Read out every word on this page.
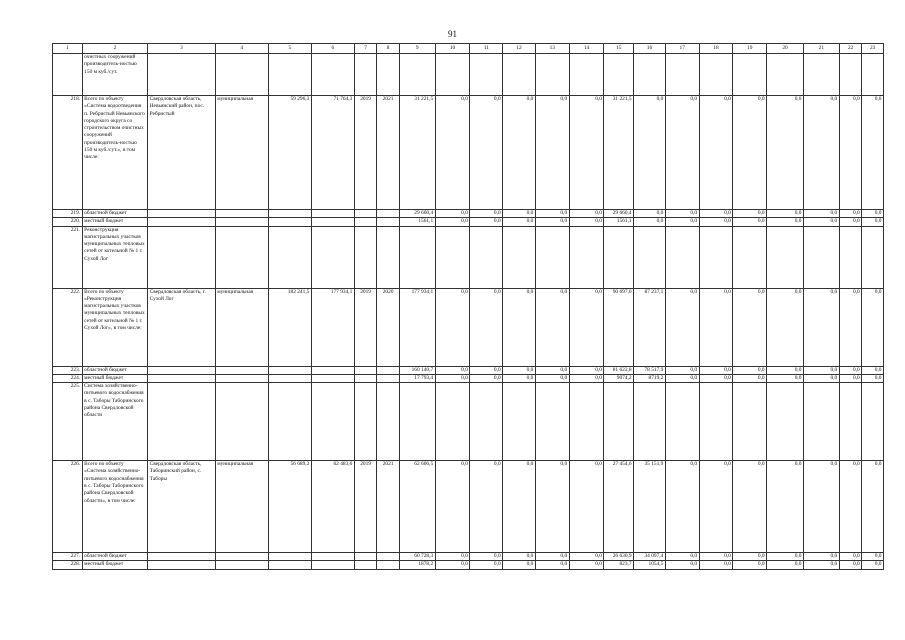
91
1	2	3	4	5	6	7	8	9	10	11	12	13	14	15	16	17	18	19	20	21	22	23
	очистных сооружений производитель-ностью 150 м куб./сут.																					
218.	Всего по объекту «Система водоотведения п. Ребристый Невьянского городского округа со строительством очистных сооружений производитель-ностью 150 м куб./сут.», в том числе:	Свердловская область, Невьянский район, пос. Ребристый	муниципальная	59 296,3	71 764,3	2019	2021	31 221,5	0,0	0,0	0,0	0,0	0,0	31 221,5	0,0	0,0	0,0	0,0	0,0	0,0	0,0	0,0
219.	областной бюджет							29 660,4	0,0	0,0	0,0	0,0	0,0	29 660,4	0,0	0,0	0,0	0,0	0,0	0,0	0,0	0,0
220.	местный бюджет							1561,1	0,0	0,0	0,0	0,0	0,0	1561,1	0,0	0,0	0,0	0,0	0,0	0,0	0,0	0,0
221.	Реконструкция магистральных участков муниципальных тепловых сетей от котельной № 1 г. Сухой Лог																					
222.	Всего по объекту «Реконструкция магистральных участков муниципальных тепловых сетей от котельной № 1 г. Сухой Лог», в том числе:	Свердловская область, г. Сухой Лог	муниципальная	182 241,5	177 934,1	2019	2020	177 934,1	0,0	0,0	0,0	0,0	0,0	90 697,0	87 237,1	0,0	0,0	0,0	0,0	0,0	0,0	0,0
223.	областной бюджет							160 140,7	0,0	0,0	0,0	0,0	0,0	81 622,8	78 517,9	0,0	0,0	0,0	0,0	0,0	0,0	0,0
224.	местный бюджет							17 793,4	0,0	0,0	0,0	0,0	0,0	9074,2	8719,2	0,0	0,0	0,0	0,0	0,0	0,0	0,0
225.	Система хозяйственно-питьевого водоснабжения в с. Таборы Таборинского района Свердловской области																					
226.	Всего по объекту «Система хозяйственно-питьевого водоснабжения в с. Таборы Таборинского района Свердловской области», в том числе:	Свердловская область, Таборинский район, с. Таборы	муниципальная	56 689,2	62 483,6	2019	2021	62 606,5	0,0	0,0	0,0	0,0	0,0	27 454,6	35 151,9	0,0	0,0	0,0	0,0	0,0	0,0	0,0
227.	областной бюджет							60 728,3	0,0	0,0	0,0	0,0	0,0	26 630,9	34 097,4	0,0	0,0	0,0	0,0	0,0	0,0	0,0
228.	местный бюджет							1878,2	0,0	0,0	0,0	0,0	0,0	823,7	1054,5	0,0	0,0	0,0	0,0	0,0	0,0	0,0
